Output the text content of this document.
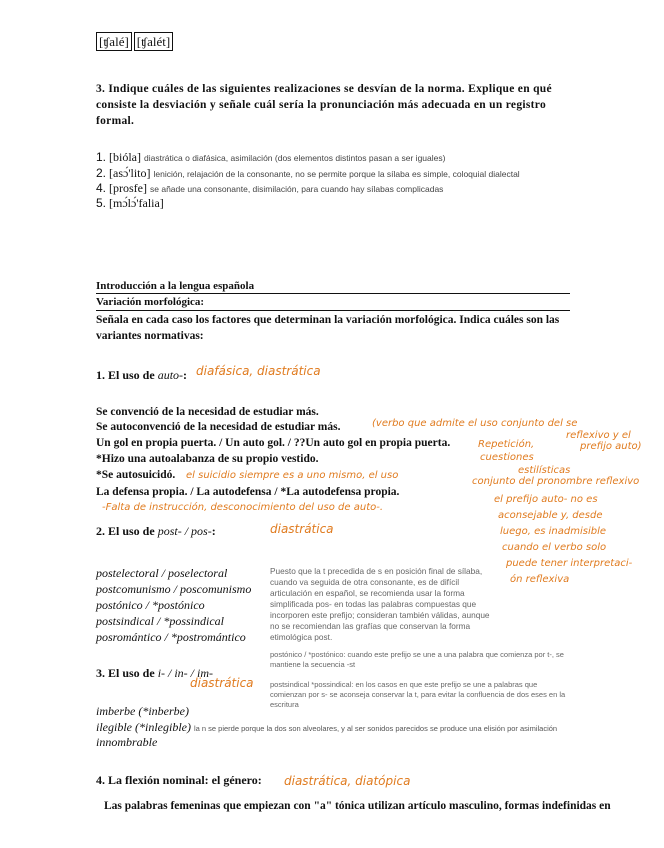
[ʧalé] [ʧalét]
3. Indique cuáles de las siguientes realizaciones se desvían de la norma. Explique en qué consiste la desviación y señale cuál sería la pronunciación más adecuada en un registro formal.
1. [bióla] diastrática o diafásica, asimilación (dos elementos distintos pasan a ser iguales)
2. [asɔ́'lito] lenición, relajación de la consonante, no se permite porque la sílaba es simple, coloquial dialectal
4. [prosfe] se añade una consonante, disimilación, para cuando hay sílabas complicadas
5. [mɔ́lɔ́'falia]
Introducción a la lengua española
Variación morfológica:
Señala en cada caso los factores que determinan la variación morfológica. Indica cuáles son las variantes normativas:
1. El uso de auto-: diafásica, diastrática
Se convenció de la necesidad de estudiar más.
Se autoconvenció de la necesidad de estudiar más.
Un gol en propia puerta. / Un auto gol. / ??Un auto gol en propia puerta.
*Hizo una autoalabanza de su propio vestido.
*Se autosuicidó.
La defensa propia. / La autodefensa / *La autodefensa propia.
(verbo que admite el uso conjunto del se
reflexivo y el
prefijo auto)
Repetición,
cuestiones
estilísticas
el suicidio siempre es a uno mismo, el uso
conjunto del pronombre reflexivo
el prefijo auto- no es
aconsejable y, desde
luego, es inadmisible
cuando el verbo solo
puede tener interpretaci-
ón reflexiva
-Falta de instrucción, desconocimiento del uso de auto-.
2. El uso de post- / pos-:	diastrática
postelectoral / poselectoral
postcomunismo / poscomunismo
postónico / *postónico
postsindical / *possindical
posromántico / *postromántico
Puesto que la t precedida de s en posición final de sílaba, cuando va seguida de otra consonante, es de difícil articulación en español, se recomienda usar la forma simplificada pos- en todas las palabras compuestas que incorporen este prefijo; consideran también válidas, aunque no se recomiendan las grafías que conservan la forma etimológica post.
postónico / *postónico: cuando este prefijo se une a una palabra que comienza por t-, se mantiene la secuencia -st
3. El uso de i- / in- / im-
diastrática postsindical *possindical: en los casos en que este prefijo se une a palabras que comienzan por s- se aconseja conservar la t, para evitar la confluencia de dos eses en la escritura
imberbe (*inberbe)
ilegible (*inlegible) la n se pierde porque la dos son alveolares, y al ser sonidos parecidos se produce una elisión por asimilación
innombrable
4. La flexión nominal: el género: diastrática, diatópica
Las palabras femeninas que empiezan con "a" tónica utilizan artículo masculino, formas indefinidas en
